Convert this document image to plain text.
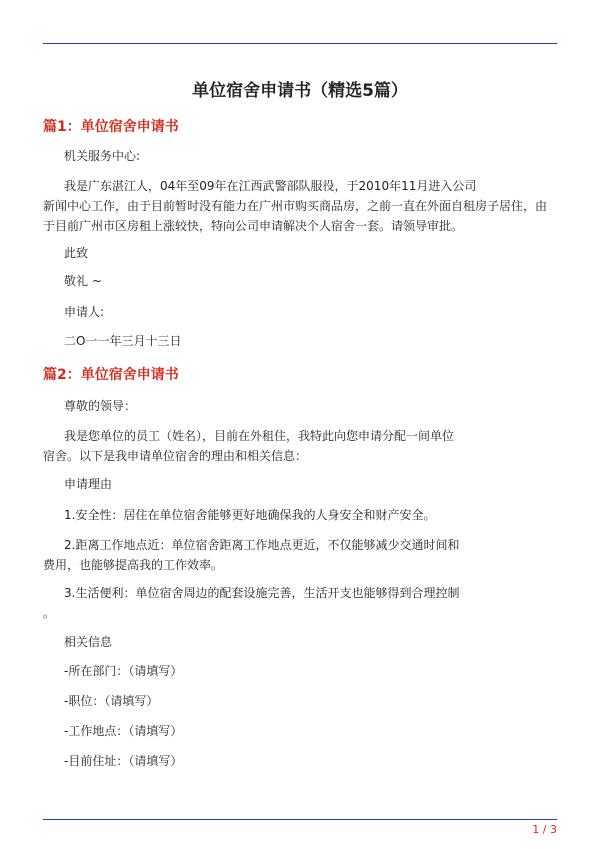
单位宿舍申请书（精选5篇）
篇1：单位宿舍申请书

机关服务中心:

我是广东湛江人，04年至09年在江西武警部队服役，于2010年11月进入公司
新闻中心工作，由于目前暂时没有能力在广州市购买商品房，之前一直在外面自租房子居住，由
于目前广州市区房租上涨较快，特向公司申请解决个人宿舍一套。请领导审批。

此致

敬礼 ~

申请人:

二O一一年三月十三日

篇2：单位宿舍申请书

尊敬的领导：

我是您单位的员工（姓名），目前在外租住，我特此向您申请分配一间单位
宿舍。以下是我申请单位宿舍的理由和相关信息：

申请理由

1.安全性：居住在单位宿舍能够更好地确保我的人身安全和财产安全。

2.距离工作地点近：单位宿舍距离工作地点更近，不仅能够减少交通时间和
费用，也能够提高我的工作效率。

3.生活便利：单位宿舍周边的配套设施完善，生活开支也能够得到合理控制
。

相关信息

-所在部门：（请填写）

-职位：（请填写）

-工作地点：（请填写）

-目前住址：（请填写）

1 / 3
